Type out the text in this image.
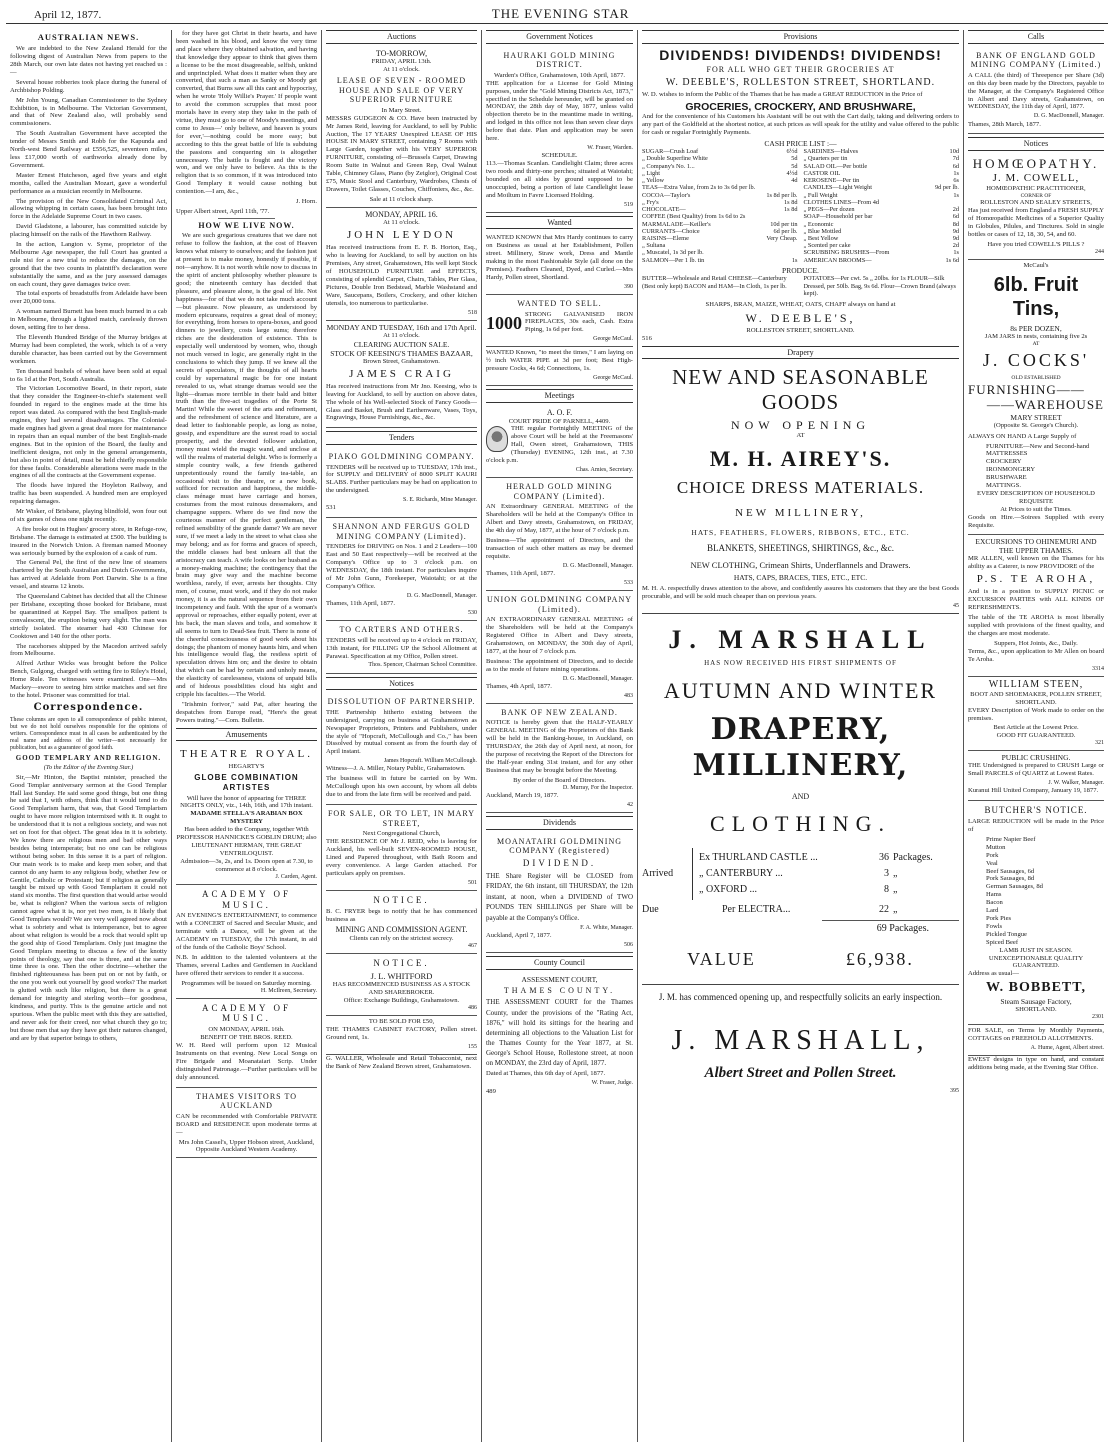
April 12, 1877.	THE EVENING STAR
AUSTRALIAN NEWS.

We are indebted to the New Zealand Herald for the following digest of Australian News from papers to the 28th March, our own late dates not having yet reached us :—

Several house robberies took place during the funeral of Archbishop Polding.

Mr John Young, Canadian Commissioner to the Sydney Exhibition, is in Melbourne. The Victorian Government, and that of New Zealand also, will probably send commissioners.

The South Australian Government have accepted the tender of Messrs Smith and Robb for the Kapunda and North-west Bend Railway at £556,525, seventeen miles, less £17,000 worth of earthworks already done by Government.

Master Ernest Hutcheson, aged five years and eight months, called the Australian Mozart, gave a wonderful performance as a musician recently in Melbourne.

The provision of the New Consolidated Criminal Act, allowing whipping in certain cases, has been brought into force in the Adelaide Supreme Court in two cases.

David Gladstone, a labourer, has committed suicide by placing himself on the rails of the Hawthorn Railway.

In the action, Langton v. Syme, proprietor of the Melbourne Age newspaper, the full Court has granted a rule nisi for a new trial to reduce the damages, on the ground that the two counts in plaintiff's declaration were substantially the same, and as the jury assessed damages on each count, they gave damages twice over.

The total exports of breadstuffs from Adelaide have been over 20,000 tons.

A woman named Burnett has been much burned in a cab in Melbourne, through a lighted match, carelessly thrown down, setting fire to her dress.

The Eleventh Hundred Bridge of the Murray bridges at Murray had been completed, the work, which is of a very durable character, has been carried out by the Government workmen.

Ten thousand bushels of wheat have been sold at equal to 6s 1d at the Port, South Australia.

The Victorian Locomotive Board, in their report, state that they consider the Engineer-in-chief's statement well founded in regard to the engines made at the time his report was dated. As compared with the best English-made engines, they had several disadvantages. The Colonial-made engines had given a great deal more for maintenance in repairs than an equal number of the best English-made engines. But in the opinion of the Board, the faulty and inefficient designs, not only in the general arrangements, but also in point of detail, must be held chiefly responsible for these faults. Considerable alterations were made in the engines of all the contracts at the Government expense.

The floods have injured the Hoyleton Railway, and traffic has been suspended. A hundred men are employed repairing damages.

Mr Wisker, of Brisbane, playing blindfold, won four out of six games of chess one night recently.

A fire broke out in Hughes' grocery store, in Refuge-row, Brisbane. The damage is estimated at £500. The building is insured in the Norwich Union. A fireman named Mooney was seriously burned by the explosion of a cask of rum.

The General Pel, the first of the new line of steamers chartered by the South Australian and Dutch Governments, has arrived at Adelaide from Port Darwin. She is a fine vessel, and steams 12 knots.

The Queensland Cabinet has decided that all the Chinese per Brisbane, excepting those booked for Brisbane, must be quarantined at Keppel Bay. The smallpox patient is convalescent, the eruption being very slight. The man was strictly isolated. The steamer had 430 Chinese for Cooktown and 140 for the other ports.

The racehorses shipped by the Macedon arrived safely from Melbourne.

Alfred Arthur Wicks was brought before the Police Bench, Gulgong, charged with setting fire to Riley's Hotel, Home Rule. Ten witnesses were examined. One—Mrs Mackey—swore to seeing him strike matches and set fire to the hotel. Prisoner was committed for trial.

Correspondence.
These columns are open to all correspondence of public interest, but we do not hold ourselves responsible for the opinions of writers. Correspondence must in all cases be authenticated by the real name and address of the writer—not necessarily for publication, but as a guarantee of good faith.
GOOD TEMPLARY AND RELIGION.
(To the Editor of the Evening Star.)

Sir,—Mr Hinton, the Baptist minister, preached the Good Templar anniversary sermon at the Good Templar Hall last Sunday. He said some good things, but one thing he said that I, with others, think that it would tend to do Good Templarism harm, that was, that Good Templarism ought to have more religion intermixed with it. It ought to be understood that it is not a religious society, and was not set on foot for that object. The great idea in it is sobriety. We know there are religious men and bad other ways besides being intemperate; but no one can be religious without being sober. In this sense it is a part of religion. Our main work is to make and keep men sober, and that cannot do any harm to any religious body, whether Jew or Gentile, Catholic or Protestant; but if religion as generally taught be mixed up with Good Templarism it could not stand six months. The first question that would arise would be, what is religion? When the various sects of religion cannot agree what it is, nor yet two men, is it likely that Good Templars would? We are very well agreed now about what is sobriety and what is intemperance, but to agree about what religion is would be a rock that would split up the good ship of Good Templarism. Only just imagine the Good Templars meeting to discuss a few of the knotty points of theology, say that one is three, and at the same time three is one. Then the other doctrine—whether the finished righteousness has been put on or not by faith, or the one you work out yourself by good works? The market is glutted with such like religion, but there is a great demand for integrity and sterling worth—for goodness, kindness, and purity. This is the genuine article and not spurious. When the public meet with this they are satisfied, and never ask for their creed, nor what church they go to; but those men that say they have got their natures changed, and are by that superior beings to others,

for they have got Christ in their hearts, and have been washed in his blood, and know the very time and place where they obtained salvation, and having that knowledge they appear to think that gives them a license to be the most disagreeable, selfish, unkind and unprincipled. What does it matter when they are converted, that such a man as Sanky or Moody get converted, that Burns saw all this cant and hypocrisy, when he wrote 'Holy Willie's Prayer.' If people want to avoid the common scrupples that most poor mortals have in every step they take in the path of virtue, they must go to one of Moody's meetings, and come to Jesus—' only believe, and heaven is yours for ever,'—nothing could be more easy; but according to this the great battle of life is subduing the passions and conquering sin is altogether unnecessary. The battle is fought and the victory won, and we only have to believe. As this is the religion that is so common, if it was introduced into Good Templary it would cause nothing but contention.—I am, &c.,

J. Horn.
Upper Albert street, April 11th, '77.
HOW WE LIVE NOW.

We are such gregarious creatures that we dare not refuse to follow the fashion, at the cost of Heaven knows what misery to ourselves; and the fashion just at present is to make money, honestly if possible, if not—anyhow. It is not worth while now to discuss in the spirit of ancient philosophy whether pleasure is good; the nineteenth century has decided that pleasure, and pleasure alone, is the goal of life. Not happiness—for of that we do not take much account—but pleasure. Now pleasure, as understood by modern epicureans, requires a great deal of money; for everything, from horses to opera-boxes, and good dinners to jewellery, costs large sums; therefore riches are the desideration of existence. This is especially well understood by women, who, though not much versed in logic, are generally right in the conclusions to which they jump. If we knew all the secrets of speculators, if the thoughts of all hearts could by supernatural magic be for one instant revealed to us, what strange dramas would see the light—dramas more terrible in their bald and bitter truth than the five-act tragedies of the Porte St Martin! While the sweet of the arts and refinement, and the refreshment of science and literature, are a dead letter to fashionable people, as long as noise, gossip, and expenditure are the surest road to social prosperity, and the devoted follower adulation, money must wield the magic wand, and unclose at will the realms of material delight. Who is formerly a simple country walk, a few friends gathered unpretentiously round the family tea-table, an occasional visit to the theatre, or a new book, sufficed for recreation and happiness, the middle-class ménage must have carriage and horses, costumes from the most ruinous dressmakers, and champagne suppers. Where do we find now the courteous manner of the perfect gentleman, the refined sensibility of the grande dame? We are never sure, if we meet a lady in the street to what class she may belong; and as for forms and graces of speech, the middle classes had best unlearn all that the aristocracy can teach. A wife looks on her husband as a money-making machine; the contingency that the brain may give way and the machine become worthless, rarely, if ever, arrests her thoughts. City men, of course, must work, and if they do not make money, it is as the natural sequence from their own incompetency and fault. With the spur of a woman's approval or reproaches, either equally potent, ever at his back, the man slaves and toils, and somehow it all seems to turn to Dead-Sea fruit. There is none of the cheerful consciousness of good work about his doings; the phantom of money haunts him, and when his intelligence would flag, the restless spirit of speculation drives him on; and the desire to obtain that which can be had by certain and unholy means, the elasticity of carelessness, visions of unpaid bills and of hideous possibilities cloud his sight and cripple his faculties.—The World.

"Irishmin forivor," said Pat, after hearing the despatches from Europe read, "Here's the great Powers trating."—Com. Bulletin.

Amusements
THEATRE ROYAL.
HEGARTY'S
GLOBE COMBINATION ARTISTES
Will have the honor of appearing for THREE NIGHTS ONLY, viz., 14th, 16th, and 17th instant.
MADAME STELLA'S ARABIAN BOX MYSTERY
Has been added to the Company, together With PROFESSOR HANNICKE'S GOBLIN DRUM; also LIEUTENANT HERMAN, THE GREAT VENTRILOQUIST.
Admission—3s, 2s, and 1s. Doors open at 7.30, to commence at 8 o'clock.
J. Carden, Agent.
ACADEMY OF MUSIC.
AN EVENING'S ENTERTAINMENT, to commence with a CONCERT of Sacred and Secular Music, and terminate with a Dance, will be given at the ACADEMY on TUESDAY, the 17th instant, in aid of the funds of the Catholic Boys' School.
N.B. In addition to the talented volunteers at the Thames, several Ladies and Gentlemen in Auckland have offered their services to render it a success.
Programmes will be issued on Saturday morning.
H. McIlreen, Secretary.
ACADEMY OF MUSIC.
ON MONDAY, APRIL 16th.
BENEFIT OF THE BROS. REED.
W. H. Reed will perform upon 12 Musical Instruments on that evening. New Local Songs on Fire Brigade and Moanataiari Scrip. Under distinguished Patronage.—Further particulars will be duly announced.
THAMES VISITORS TO AUCKLAND
CAN be recommended with Comfortable PRIVATE BOARD and RESIDENCE upon moderate terms at—
Mrs John Cassel's, Upper Hobson street, Auckland,
Opposite Auckland Western Academy.
Auctions
TO-MORROW,
FRIDAY, APRIL 13th.
At 11 o'clock.
LEASE OF SEVEN - ROOMED HOUSE AND SALE OF VERY SUPERIOR FURNITURE
In Mary Street.
MESSRS GUDGEON & CO. Have been instructed by Mr James Reid, leaving for Auckland, to sell by Public Auction, The 17 YEARS' Unexpired LEASE OF HIS HOUSE IN MARY STREET, containing 7 Rooms with Large Garden, together with his VERY SUPERIOR FURNITURE, consisting of—Brussels Carpet, Drawing Room Suite in Walnut and Green Rep, Oval Walnut Table, Chimney Glass, Piano (by Zeiglor), Original Cost £75, Music Stool and Canterbury, Wardrobes, Chests of Drawers, Toilet Glasses, Couches, Chiffoniers, &c., &c.
Sale at 11 o'clock sharp.
MONDAY, APRIL 16.
At 11 o'clock.
JOHN LEYDON
Has received instructions from E. F. B. Horton, Esq., who is leaving for Auckland, to sell by auction on his Premises, Any street, Grahamstown, His well kept Stock of HOUSEHOLD FURNITURE and EFFECTS, consisting of splendid Carpet, Chairs, Tables, Pier Glass, Pictures, Double Iron Bedstead, Marble Washstand and Ware, Saucepans, Boilers, Crockery, and other kitchen utensils, too numerous to particularise.
518
MONDAY AND TUESDAY, 16th and 17th April.
At 11 o'clock.
CLEARING AUCTION SALE.
STOCK OF KEESING'S THAMES BAZAAR,
Brown Street, Grahamstown.
JAMES CRAIG
Has received instructions from Mr Jno. Keesing, who is leaving for Auckland, to sell by auction on above dates, The whole of his Well-selected Stock of Fancy Goods—Glass and Basket, Brush and Earthenware, Vases, Toys, Engravings, House Furnishings, &c., &c.
Tenders
PIAKO GOLDMINING COMPANY.
TENDERS will be received up to TUESDAY, 17th inst., for SUPPLY and DELIVERY of 8000 SPLIT KAURI SLABS. Further particulars may be had on application to the undersigned.
S. E. Richards, Mine Manager.
531
SHANNON AND FERGUS GOLD MINING COMPANY (Limited).
TENDERS for DRIVING on Nos. 1 and 2 Leaders—100 East and 50 East respectively—will be received at the Company's Office up to 3 o'clock p.m. on WEDNESDAY, the 18th instant. For particulars inquire of Mr John Gunn, Forekeeper, Waiotahi; or at the Company's Office.
D. G. MacDonnell, Manager.
Thames, 11th April, 1877.
530
TO CARTERS AND OTHERS.
TENDERS will be received up to 4 o'clock on FRIDAY, 13th instant, for FILLING UP the School Allotment at Parawai. Specification at my Office, Pollen street.
Thos. Spencer, Chairman School Committee.
Notices
DISSOLUTION OF PARTNERSHIP.
THE Partnership hitherto existing between the undersigned, carrying on business at Grahamstown as Newspaper Proprietors, Printers and Publishers, under the style of "Hopcraft, McCullough and Co.," has been Dissolved by mutual consent as from the fourth day of April instant.
James Hopcraft. William McCullough.
Witness—J. A. Miller, Notary Public, Grahamstown.
The business will in future be carried on by Wm. McCullough upon his own account, by whom all debts due to and from the late firm will be received and paid.
FOR SALE, OR TO LET, IN MARY STREET,
Next Congregational Church,
THE RESIDENCE OF Mr J. REID, who is leaving for Auckland, his well-built SEVEN-ROOMED HOUSE, Lined and Papered throughout, with Bath Room and every convenience. A large Garden attached. For particulars apply on premises.
501
NOTICE.
B. C. FRYER begs to notify that he has commenced business as
MINING AND COMMISSION AGENT.
Clients can rely on the strictest secrecy.
467
NOTICE.
J. L. WHITFORD
HAS RECOMMENCED BUSINESS AS A STOCK AND SHAREBROKER.
Office: Exchange Buildings, Grahamstown.
486
TO BE SOLD FOR £50,
THE THAMES CABINET FACTORY, Pollen street. Ground rent, 1s.
155
G. WALLER, Wholesale and Retail Tobacconist, next the Bank of New Zealand Brown street, Grahamstown.
Government Notices
HAURAKI GOLD MINING DISTRICT.
Warden's Office, Grahamstown, 10th April, 1877.
THE application for a License for Gold Mining purposes, under the "Gold Mining Districts Act, 1873," specified in the Schedule hereunder, will be granted on MONDAY, the 28th day of May, 1877, unless valid objection thereto be in the meantime made in writing, and lodged in this office not less than seven clear days before that date. Plan and application may be seen here.
W. Fraser, Warden.
SCHEDULE.
113.—Thomas Scanlan. Candlelight Claim; three acres two roods and thirty-one perches; situated at Waiotahi; bounded on all sides by ground supposed to be unoccupied, being a portion of late Candlelight lease and Moiltum in Favre Licensed Holding.
519
Wanted
WANTED KNOWN that Mrs Hardy continues to carry on Business as usual at her Establishment, Pollen street. Millinery, Straw work, Dress and Mantle making in the most Fashionable Style (all done on the Premises). Feathers Cleaned, Dyed, and Curled.—Mrs Hardy, Pollen street, Shortland.
390
WANTED TO SELL.
1000 STRONG GALVANISED IRON FIREPLACES, 30s each, Cash. Extra Piping, 1s 6d per foot.
George McCaul.
WANTED Known, "to meet the times," I am laying on ½ inch WATER PIPE at 3d per foot; Best High-pressure Cocks, 4s 6d; Connections, 1s.
George McCaul.
Meetings
A. O. F.
COURT PRIDE OF PARNELL, 4409.
THE regular Fortnightly MEETING of the above Court will be held at the Freemasons' Hall, Owen street, Grahamstown, THIS (Thursday) EVENING, 12th inst., at 7.30 o'clock p.m.
Chas. Amies, Secretary.
HERALD GOLD MINING COMPANY (Limited).
AN Extraordinary GENERAL MEETING of the Shareholders will be held at the Company's Office in Albert and Davy streets, Grahamstown, on FRIDAY, the 4th day of May, 1877, at the hour of 7 o'clock p.m.
Business—The appointment of Directors, and the transaction of such other matters as may be deemed requisite.
D. G. MacDonnell, Manager.
Thames, 11th April, 1877.
533
UNION GOLDMINING COMPANY (Limited).
AN EXTRAORDINARY GENERAL MEETING of the Shareholders will be held at the Company's Registered Office in Albert and Davy streets, Grahamstown, on MONDAY, the 30th day of April, 1877, at the hour of 7 o'clock p.m.
Business: The appointment of Directors, and to decide as to the mode of future mining operations.
D. G. MacDonnell, Manager.
Thames, 4th April, 1877.
483
BANK OF NEW ZEALAND.
NOTICE is hereby given that the HALF-YEARLY GENERAL MEETING of the Proprietors of this Bank will be held in the Banking-house, in Auckland, on THURSDAY, the 26th day of April next, at noon, for the purpose of receiving the Report of the Directors for the Half-year ending 31st instant, and for any other Business that may be brought before the Meeting.
By order of the Board of Directors.
D. Murray, For the Inspector.
Auckland, March 19, 1877.
42
Dividends
MOANATAIRI GOLDMINING COMPANY (Registered)
DIVIDEND.
THE Share Register will be CLOSED from FRIDAY, the 6th instant, till THURSDAY, the 12th instant, at noon, when a DIVIDEND of TWO POUNDS TEN SHILLINGS per Share will be payable at the Company's Office.
F. A. White, Manager.
Auckland, April 7, 1877.
506
County Council
ASSESSMENT COURT,
THAMES COUNTY.
THE ASSESSMENT COURT for the Thames County, under the provisions of the "Rating Act, 1876," will hold its sittings for the hearing and determining all objections to the Valuation List for the Thames County for the Year 1877, at St. George's School House, Rollestone street, at noon on MONDAY, the 23rd day of April, 1877.
Dated at Thames, this 6th day of April, 1877.
W. Fraser, Judge.
489
Provisions
DIVIDENDS! DIVIDENDS! DIVIDENDS!
FOR ALL WHO GET THEIR GROCERIES AT
W. DEEBLE'S, ROLLESTON STREET, SHORTLAND.
W. D. wishes to inform the Public of the Thames that he has made a GREAT REDUCTION in the Price of
GROCERIES, CROCKERY, AND BRUSHWARE,
And for the convenience of his Customers his Assistant will be out with the Cart daily, taking and delivering orders to any part of the Goldfield at the shortest notice, at such prices as will speak for the utility and value offered to the public for cash or regular Fortnightly Payments.
CASH PRICE LIST :—
SUGAR—Crush Loaf	6½d
„ Double Superfine White	5d
„ Company's No. 1...	5d
„ Light	4½d
„ Yellow	4d
TEAS—Extra Value, from 2s to 3s 6d per lb.
COCOA—Taylor's	1s 8d per lb.
„ Fry's	1s 8d
CHOCOLATE—	1s 8d
COFFEE (Best Quality) from 1s 6d to 2s
MARMALADE—Keiller's	10d per tin
CURRANTS—Choice	6d per lb.
RAISINS—Eleme	Very Cheap.
„ Sultana
„ Muscatel, 1s 3d per lb.
SALMON—Per 1 lb. tin	1s
SARDINES—Halves	10d
„ Quarters per tin	7d
SALAD OIL—Per bottle	6d
CASTOR OIL	1s
KEROSENE—Per tin	6s
CANDLES—Light Weight	9d per lb.
„ Full Weight	1s
CLOTHES LINES—From 4d
„ PEGS—Per dozen	2d
SOAP—Household per bar	6d
„ Economic	8d
„ Blue Mottled	9d
„ Best Yellow	9d
„ Scented per cake	2d
SCRUBBING BRUSHES—From	1s
AMERICAN BROOMS—	1s 6d
PRODUCE.
BUTTER—Wholesale and Retail CHEESE—Canterbury (Best only kept) BACON and HAM—In Cloth, 1s per lb.
POTATOES—Per cwt. 5s „ 20lbs. for 1s FLOUR—Silk Dressed, per 50lb. Bag, 9s 6d. Flour—Crown Brand (always kept).
SHARPS, BRAN, MAIZE, WHEAT, OATS, CHAFF always on hand at
W. DEEBLE'S,
ROLLESTON STREET, SHORTLAND.
516
Drapery
NEW AND SEASONABLE GOODS
NOW OPENING
AT
M. H. AIREY'S.
CHOICE DRESS MATERIALS.
NEW MILLINERY,
HATS, FEATHERS, FLOWERS, RIBBONS, ETC., ETC.
BLANKETS, SHEETINGS, SHIRTINGS, &c., &c.
NEW CLOTHING, Crimean Shirts, Underflannels and Drawers.
HATS, CAPS, BRACES, TIES, ETC., ETC.
M. H. A. respectfully draws attention to the above, and confidently assures his customers that they are the best Goods procurable, and will be sold much cheaper than on previous years.
45
J. MARSHALL
HAS NOW RECEIVED HIS FIRST SHIPMENTS OF
AUTUMN AND WINTER
DRAPERY, MILLINERY,
AND
CLOTHING.
Arrived
Ex THURLAND CASTLE ...	36 Packages.
„ CANTERBURY ...	3 „
„ OXFORD ...	8 „
Due	Per ELECTRA...	22 „
69 Packages.
VALUE	£6,938.
J. M. has commenced opening up, and respectfully solicits an early inspection.
J. MARSHALL,
Albert Street and Pollen Street.
395
Calls
BANK OF ENGLAND GOLD MINING COMPANY (Limited.)
A CALL (the third) of Threepence per Share (3d) on this day been made by the Directors, payable to the Manager, at the Company's Registered Office in Albert and Davy streets, Grahamstown, on WEDNESDAY, the 11th day of April, 1877.
D. G. MacDonnell, Manager.
Thames, 28th March, 1877.
Notices
HOMŒOPATHY.
J. M. COWELL,
HOMŒOPATHIC PRACTITIONER,
CORNER OF
ROLLESTON AND SEALEY STREETS,
Has just received from England a FRESH SUPPLY of Homœopathic Medicines of a Superior Quality in Globules, Pilules, and Tinctures. Sold in single bottles or cases of 12, 18, 30, 54, and 60.
Have you tried COWELL'S PILLS ?
244
McCaul's
6lb. Fruit Tins,
8s PER DOZEN,
JAM JARS in nests, containing five 2s
AT
J. COCKS'
OLD ESTABLISHED
FURNISHING——
——WAREHOUSE
MARY STREET
(Opposite St. George's Church).
ALWAYS ON HAND A Large Supply of
FURNITURE—New and Second-hand
MATTRESSES
CROCKERY
IRONMONGERY
BRUSHWARE
MATTINGS.
EVERY DESCRIPTION OF HOUSEHOLD REQUISITE
At Prices to suit the Times.
Goods on Hire.—Soirees Supplied with every Requisite.
EXCURSIONS TO OHINEMURI AND THE UPPER THAMES.
MR ALLEN, well known on the Thames for his ability as a Caterer, is now PROVIDORE of the
P.S. TE AROHA,
And is in a position to SUPPLY PICNIC or EXCURSION PARTIES with ALL KINDS OF REFRESHMENTS.
The table of the TE AROHA is most liberally supplied with provisions of the finest quality, and the charges are most moderate.
Suppers, Hot Joints, &c., Daily.
Terms, &c., upon application to Mr Allen on board Te Aroha.
3314
WILLIAM STEEN,
BOOT AND SHOEMAKER, POLLEN STREET, SHORTLAND.
EVERY Description of Work made to order on the premises.
Best Article at the Lowest Price.
GOOD FIT GUARANTEED.
321
PUBLIC CRUSHING.
THE Undersigned is prepared to CRUSH Large or Small PARCELS of QUARTZ at Lowest Rates.
J. W. Walker, Manager.
Kuranui Hill United Company, January 19, 1877.
BUTCHER'S NOTICE.
LARGE REDUCTION will be made in the Price of
Prime Napier Beef
Mutton
Pork
Veal
Beef Sausages, 6d
Pork Sausages, 8d
German Sausages, 8d
Hams
Bacon
Lard
Pork Pies
Fowls
Pickled Tongue
Spiced Beef
LAMB JUST IN SEASON.
UNEXCEPTIONABLE QUALITY GUARANTEED.
Address as usual—
W. BOBBETT,
Steam Sausage Factory,
SHORTLAND.
2301
FOR SALE, on Terms by Monthly Payments, COTTAGES on FREEHOLD ALLOTMENTS.
A. Hume, Agent, Albert street.
EWEST designs in type on hand, and constant additions being made, at the Evening Star Office.
